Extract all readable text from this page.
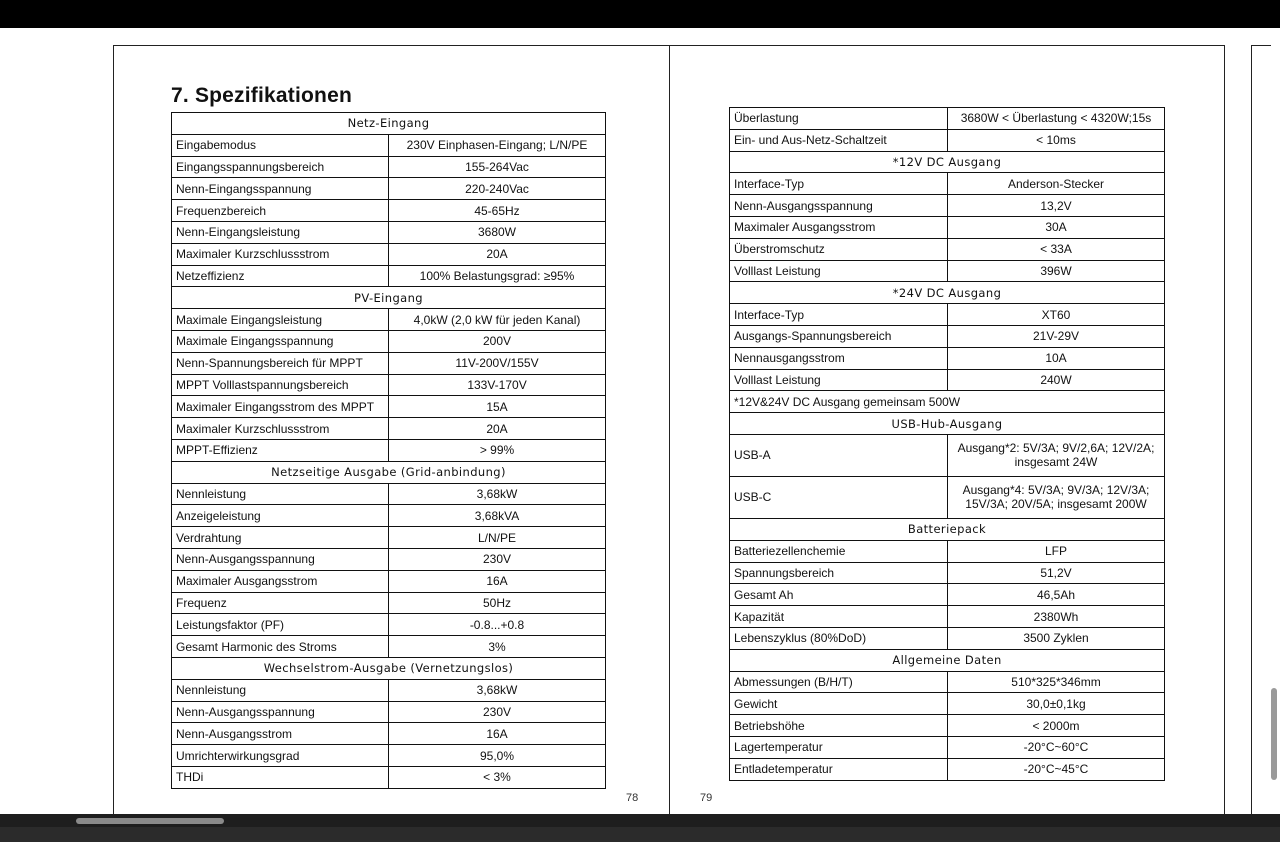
7. Spezifikationen
Netz-Eingang	
Eingabemodus	230V Einphasen-Eingang; L/N/PE
Eingangsspannungsbereich	155-264Vac
Nenn-Eingangsspannung	220-240Vac
Frequenzbereich	45-65Hz
Nenn-Eingangsleistung	3680W
Maximaler Kurzschlussstrom	20A
Netzeffizienz	100% Belastungsgrad: ≥95%
PV-Eingang	
Maximale Eingangsleistung	4,0kW (2,0 kW für jeden Kanal)
Maximale Eingangsspannung	200V
Nenn-Spannungsbereich für MPPT	11V-200V/155V
MPPT Volllastspannungsbereich	133V-170V
Maximaler Eingangsstrom des MPPT	15A
Maximaler Kurzschlussstrom	20A
MPPT-Effizienz	> 99%
Netzseitige Ausgabe (Grid-anbindung)	
Nennleistung	3,68kW
Anzeigeleistung	3,68kVA
Verdrahtung	L/N/PE
Nenn-Ausgangsspannung	230V
Maximaler Ausgangsstrom	16A
Frequenz	50Hz
Leistungsfaktor (PF)	-0.8...+0.8
Gesamt Harmonic des Stroms	3%
Wechselstrom-Ausgabe (Vernetzungslos)	
Nennleistung	3,68kW
Nenn-Ausgangsspannung	230V
Nenn-Ausgangsstrom	16A
Umrichterwirkungsgrad	95,0%
THDi	< 3%
Überlastung	3680W < Überlastung < 4320W;15s
Ein- und Aus-Netz-Schaltzeit	< 10ms
*12V DC Ausgang	
Interface-Typ	Anderson-Stecker
Nenn-Ausgangsspannung	13,2V
Maximaler Ausgangsstrom	30A
Überstromschutz	< 33A
Volllast Leistung	396W
*24V DC Ausgang	
Interface-Typ	XT60
Ausgangs-Spannungsbereich	21V-29V
Nennausgangsstrom	10A
Volllast Leistung	240W
*12V&24V DC Ausgang gemeinsam 500W	
USB-Hub-Ausgang	
USB-A	Ausgang*2: 5V/3A; 9V/2,6A; 12V/2A; insgesamt 24W
USB-C	Ausgang*4: 5V/3A; 9V/3A; 12V/3A; 15V/3A; 20V/5A; insgesamt 200W
Batteriepack	
Batteriezellenchemie	LFP
Spannungsbereich	51,2V
Gesamt Ah	46,5Ah
Kapazität	2380Wh
Lebenszyklus (80%DoD)	3500 Zyklen
Allgemeine Daten	
Abmessungen (B/H/T)	510*325*346mm
Gewicht	30,0±0,1kg
Betriebshöhe	< 2000m
Lagertemperatur	-20°C~60°C
Entladetemperatur	-20°C~45°C
78	79
